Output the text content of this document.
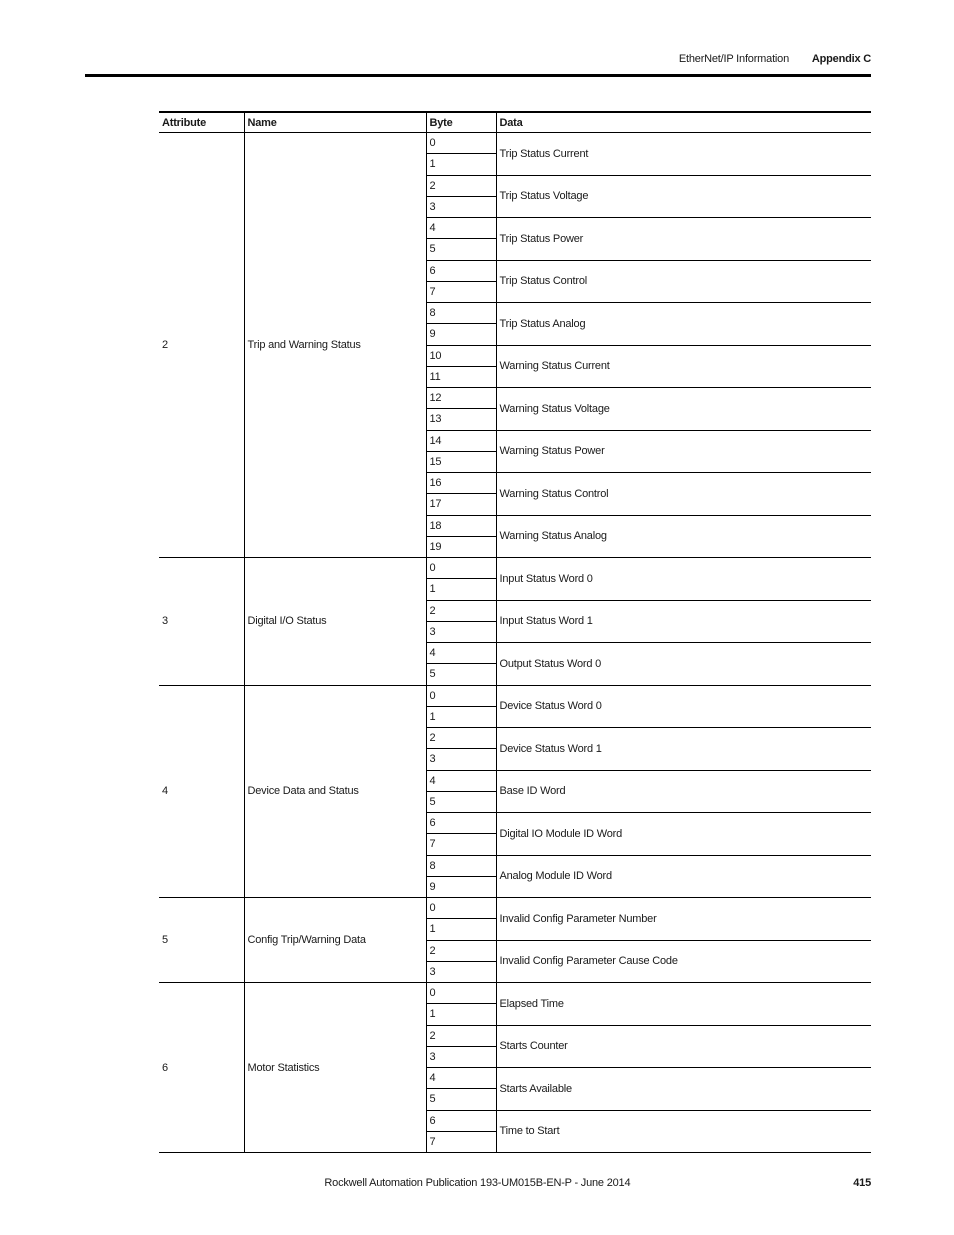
EtherNet/IP Information Appendix C
Attribute	Name	Byte	Data
2	Trip and Warning Status	0	Trip Status Current
		1	
		2	Trip Status Voltage
		3	
		4	Trip Status Power
		5	
		6	Trip Status Control
		7	
		8	Trip Status Analog
		9	
		10	Warning Status Current
		11	
		12	Warning Status Voltage
		13	
		14	Warning Status Power
		15	
		16	Warning Status Control
		17	
		18	Warning Status Analog
		19	
3	Digital I/O Status	0	Input Status Word 0
		1	
		2	Input Status Word 1
		3	
		4	Output Status Word 0
		5	
4	Device Data and Status	0	Device Status Word 0
		1	
		2	Device Status Word 1
		3	
		4	Base ID Word
		5	
		6	Digital IO Module ID Word
		7	
		8	Analog Module ID Word
		9	
5	Config Trip/Warning Data	0	Invalid Config Parameter Number
		1	
		2	Invalid Config Parameter Cause Code
		3	
6	Motor Statistics	0	Elapsed Time
		1	
		2	Starts Counter
		3	
		4	Starts Available
		5	
		6	Time to Start
		7	
Rockwell Automation Publication 193-UM015B-EN-P - June 2014	415
